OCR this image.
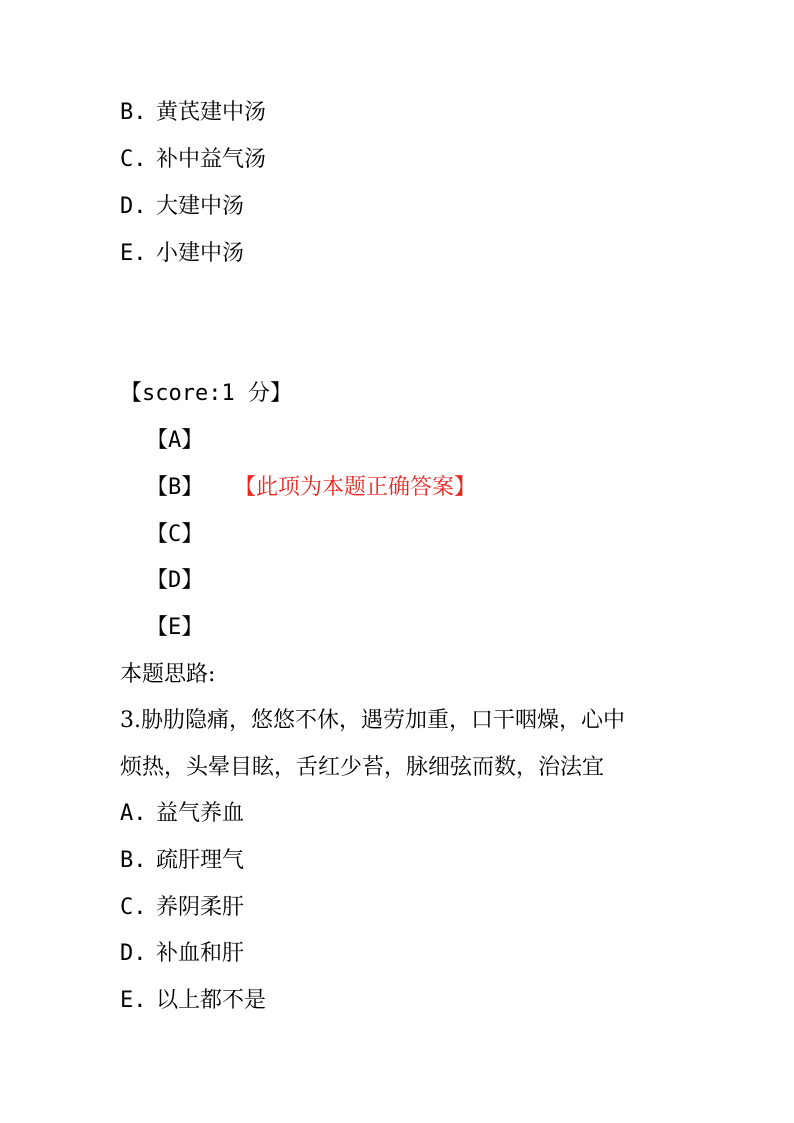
B. 黄芪建中汤
C. 补中益气汤
D. 大建中汤
E. 小建中汤
【score:1 分】
【A】
【B】 【此项为本题正确答案】
【C】
【D】
【E】
本题思路:
3.胁肋隐痛，悠悠不休，遇劳加重，口干咽燥，心中
烦热，头晕目眩，舌红少苔，脉细弦而数，治法宜
A. 益气养血
B. 疏肝理气
C. 养阴柔肝
D. 补血和肝
E. 以上都不是
